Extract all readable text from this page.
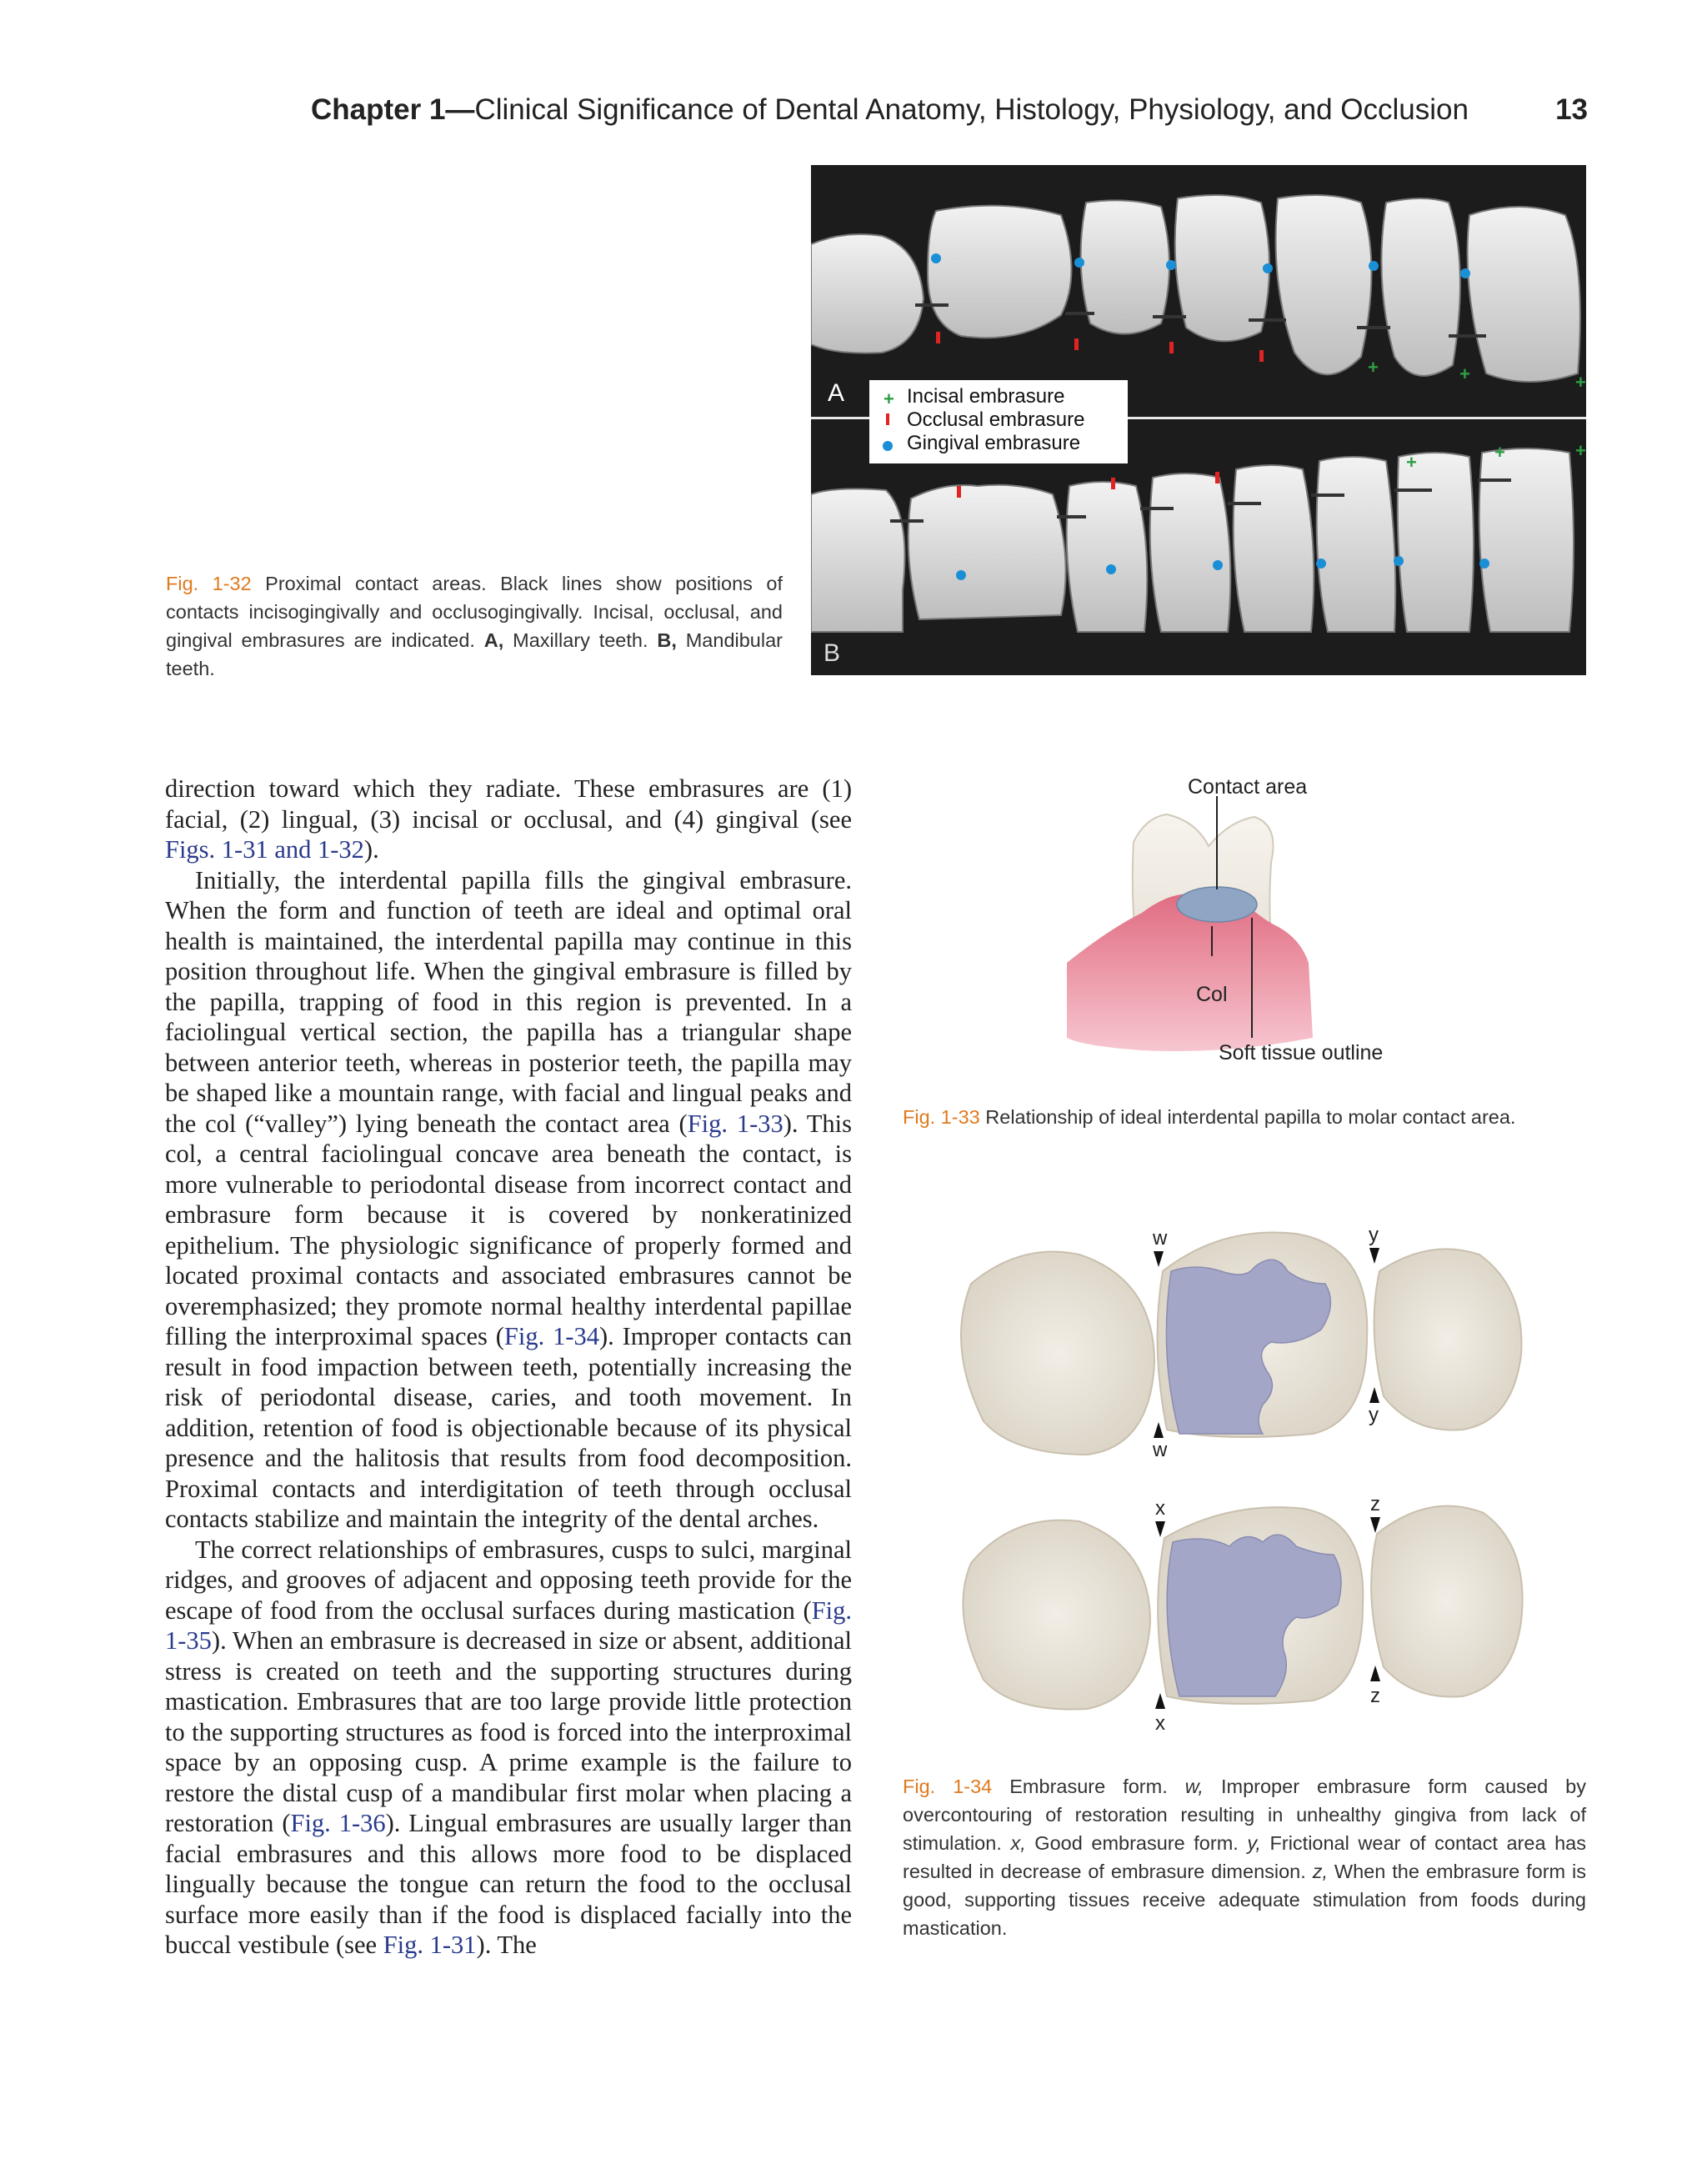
Chapter 1—Clinical Significance of Dental Anatomy, Histology, Physiology, and Occlusion	13
+	+	+
+	+	+
+ Incisal embrasure
Occlusal embrasure
Gingival embrasure
A
B
Fig. 1-32 Proximal contact areas. Black lines show positions of contacts incisogingivally and occlusogingivally. Incisal, occlusal, and gingival embrasures are indicated. A, Maxillary teeth. B, Mandibular teeth.
Contact area
Col
Soft tissue outline
Fig. 1-33 Relationship of ideal interdental papilla to molar contact area.
w
w
y
y
x
x
z
z
Fig. 1-34 Embrasure form. w, Improper embrasure form caused by overcontouring of restoration resulting in unhealthy gingiva from lack of stimulation. x, Good embrasure form. y, Frictional wear of contact area has resulted in decrease of embrasure dimension. z, When the embrasure form is good, supporting tissues receive adequate stimulation from foods during mastication.

direction toward which they radiate. These embrasures are (1) facial, (2) lingual, (3) incisal or occlusal, and (4) gingival (see Figs. 1-31 and 1-32).

Initially, the interdental papilla fills the gingival embrasure. When the form and function of teeth are ideal and optimal oral health is maintained, the interdental papilla may continue in this position throughout life. When the gingival embrasure is filled by the papilla, trapping of food in this region is prevented. In a faciolingual vertical section, the papilla has a triangular shape between anterior teeth, whereas in posterior teeth, the papilla may be shaped like a mountain range, with facial and lingual peaks and the col (“valley”) lying beneath the contact area (Fig. 1-33). This col, a central faciolingual concave area beneath the contact, is more vulnerable to periodontal disease from incorrect contact and embrasure form because it is covered by nonkeratinized epithelium. The physiologic significance of properly formed and located proximal contacts and associated embrasures cannot be overemphasized; they promote normal healthy interdental papillae filling the interproximal spaces (Fig. 1-34). Improper contacts can result in food impaction between teeth, potentially increasing the risk of periodontal disease, caries, and tooth movement. In addition, retention of food is objectionable because of its physical presence and the halitosis that results from food decomposition. Proximal contacts and interdigitation of teeth through occlusal contacts stabilize and maintain the integrity of the dental arches.

The correct relationships of embrasures, cusps to sulci, marginal ridges, and grooves of adjacent and opposing teeth provide for the escape of food from the occlusal surfaces during mastication (Fig. 1-35). When an embrasure is decreased in size or absent, additional stress is created on teeth and the supporting structures during mastication. Embrasures that are too large provide little protection to the supporting structures as food is forced into the interproximal space by an opposing cusp. A prime example is the failure to restore the distal cusp of a mandibular first molar when placing a restoration (Fig. 1-36). Lingual embrasures are usually larger than facial embrasures and this allows more food to be displaced lingually because the tongue can return the food to the occlusal surface more easily than if the food is displaced facially into the buccal vestibule (see Fig. 1-31). The
